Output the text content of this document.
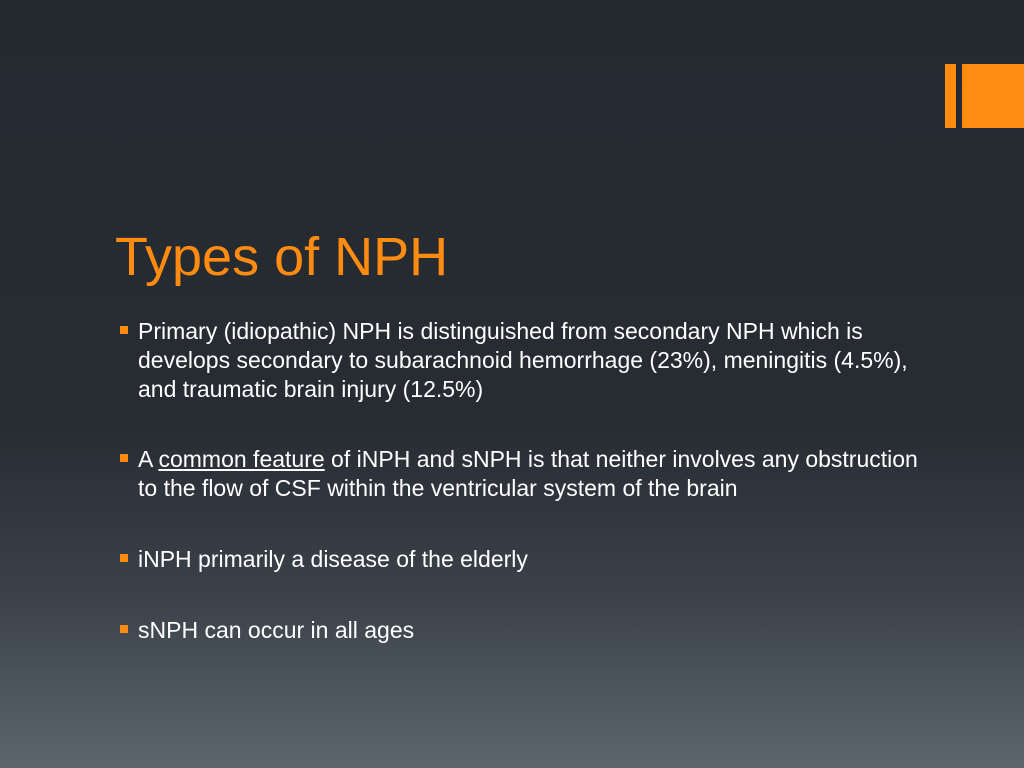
Types of NPH
Primary (idiopathic) NPH is distinguished from secondary NPH which is develops secondary to subarachnoid hemorrhage (23%), meningitis (4.5%), and traumatic brain injury (12.5%)
A common feature of iNPH and sNPH is that neither involves any obstruction to the flow of CSF within the ventricular system of the brain
iNPH primarily a disease of the elderly
sNPH can occur in all ages
